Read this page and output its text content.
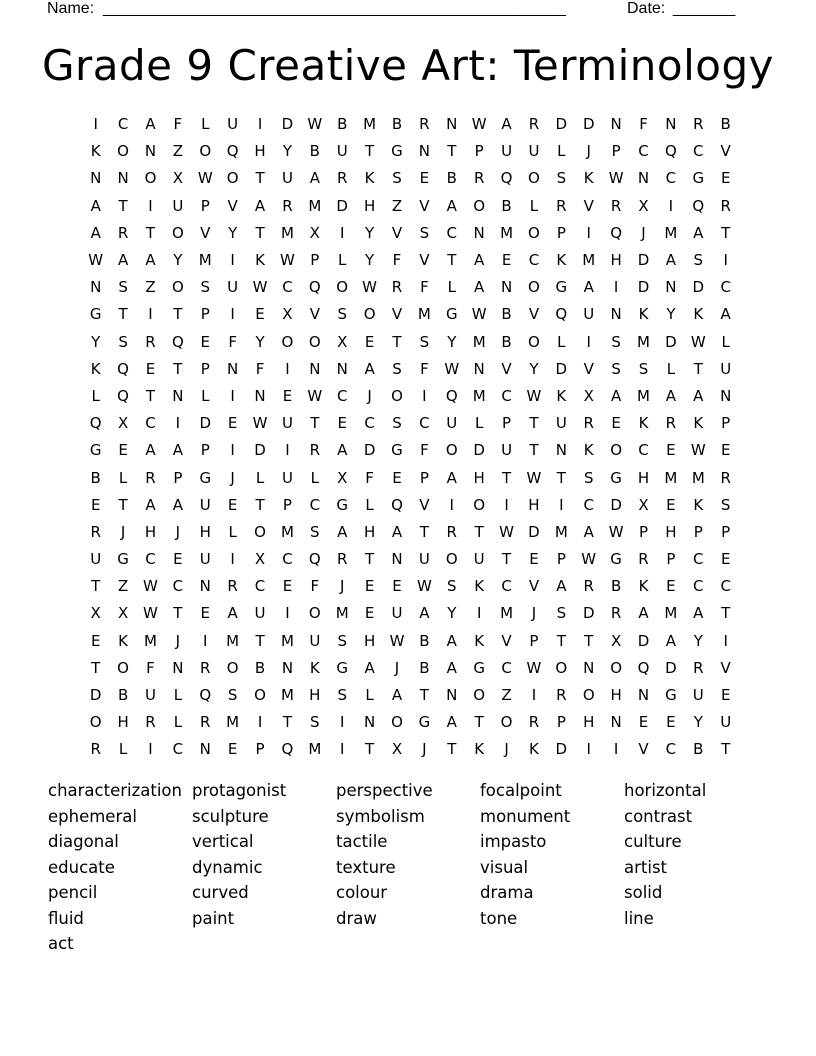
Name: ____________________________________________________	Date: _______
Grade 9 Creative Art: Terminology
I	C	A	F	L	U	I	D W B	M	B	R	N W A	R	D	D	N	F	N	R	B
K	O	N	Z	O	Q	H	Y	B	U	T	G	N	T	P	U	U	L	J	P	C	Q	C	V
N	N	O	X W O	T	U	A	R	K	S	E	B	R	Q	O	S	K	W N	C	G	E
A	T	I	U	P	V	A	R	M	D	H	Z	V	A	O	B	L	R	V	R	X	I	Q	R
A	R	T	O	V	Y	T	M	X	I	Y	V	S	C	N	M	O	P	I	Q	J	M	A	T
W A	A	Y	M	I	K	W	P	L	Y	F	V	T	A	E	C	K	M	H	D	A	S	I
N	S	Z	O	S	U W C	Q	O W R	F	L	A	N	O	G	A	I	D	N	D	C
G	T	I	T	P	I	E	X	V	S	O	V	M	G W B	V	Q	U	N	K	Y	K	A
Y	S	R	Q	E	F	Y	O	O	X	E	T	S	Y	M	B	O	L	I	S	M	D W	L
K	Q	E	T	P	N	F	I	N	N	A	S	F	W N	V	Y	D	V	S	S	L	T	U
L	Q	T	N	L	I	N	E	W C	J	O	I	Q	M	C W	K	X	A	M	A	A	N
Q	X	C	I	D	E	W U	T	E	C	S	C	U	L	P	T	U	R	E	K	R	K	P
G	E	A	A	P	I	D	I	R	A	D	G	F	O	D	U	T	N	K	O	C	E	W	E
B	L	R	P	G	J	L	U	L	X	F	E	P	A	H	T	W	T	S	G	H	M M	R
E	T	A	A	U	E	T	P	C	G	L	Q	V	I	O	I	H	I	C	D	X	E	K	S
R	J	H	J	H	L	O	M	S	A	H	A	T	R	T	W D	M	A W	P	H	P	P
U	G	C	E	U	I	X	C	Q	R	T	N	U	O	U	T	E	P	W G	R	P	C	E
T	Z W C	N	R	C	E	F	J	E	E	W	S	K	C	V	A	R	B	K	E	C	C
X	X W	T	E	A	U	I	O	M	E	U	A	Y	I	M	J	S	D	R	A	M	A	T
E	K	M	J	I	M	T	M	U	S	H W B	A	K	V	P	T	T	X	D	A	Y	I
T	O	F	N	R	O	B	N	K	G	A	J	B	A	G	C W O	N	O	Q	D	R	V
D	B	U	L	Q	S	O	M	H	S	L	A	T	N	O	Z	I	R	O	H	N	G	U	E
O	H	R	L	R	M	I	T	S	I	N	O	G	A	T	O	R	P	H	N	E	E	Y	U
R	L	I	C	N	E	P	Q	M	I	T	X	J	T	K	J	K	D	I	I	V	C	B	T
characterization protagonist	perspective	focalpoint	horizontal
ephemeral	sculpture	symbolism	monument	contrast
diagonal	vertical	tactile	impasto	culture
educate	dynamic	texture	visual	artist
pencil	curved	colour	drama	solid
fluid	paint	draw	tone	line
act
